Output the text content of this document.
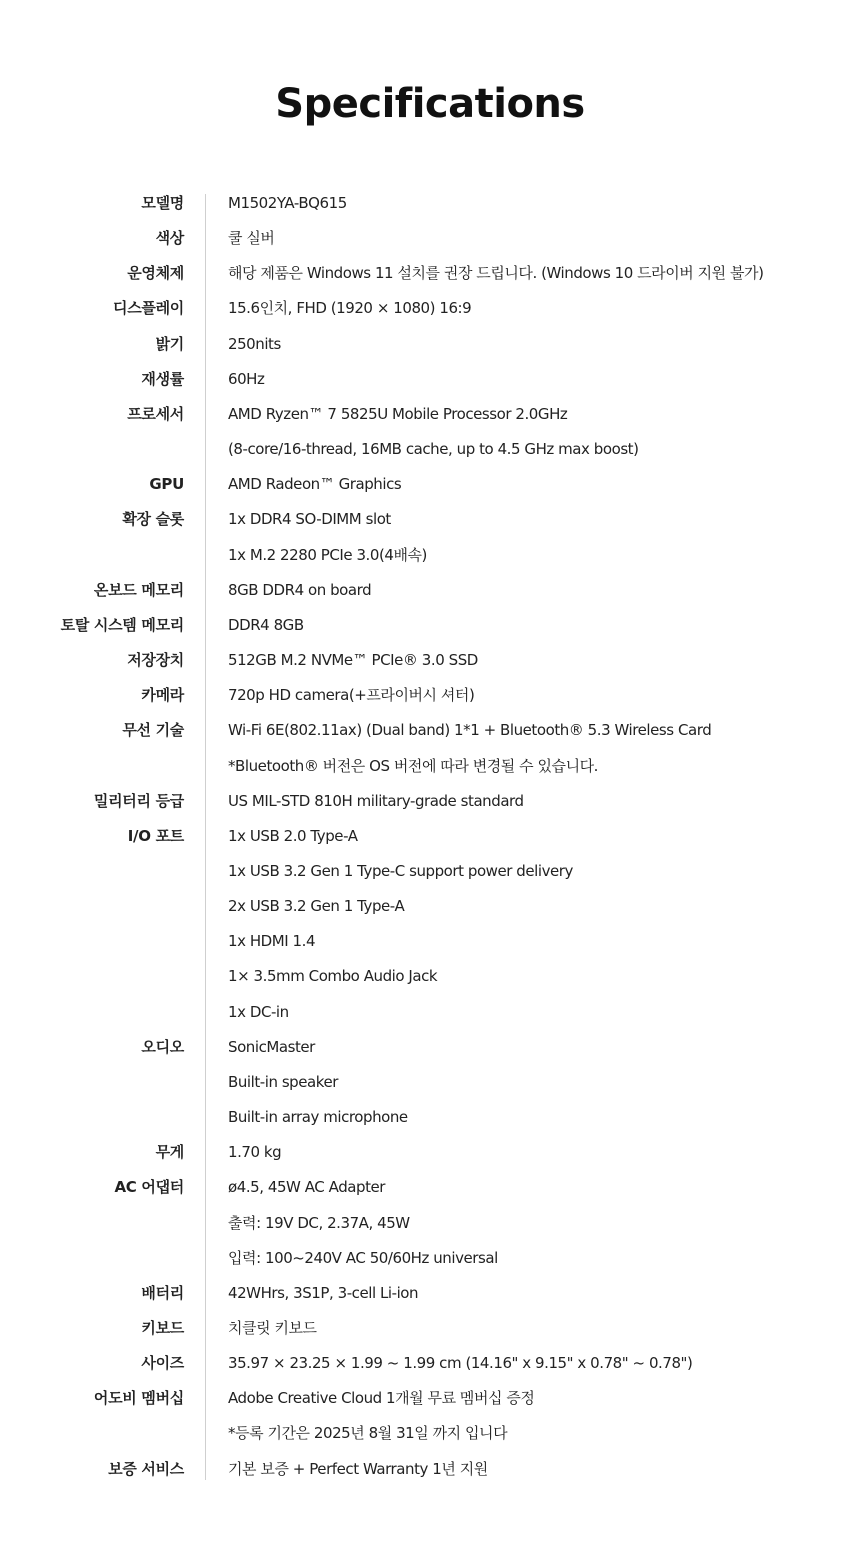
Specifications
모델명	M1502YA-BQ615
색상	쿨 실버
운영체제	해당 제품은 Windows 11 설치를 권장 드립니다. (Windows 10 드라이버 지원 불가)
디스플레이	15.6인치, FHD (1920 × 1080) 16:9
밝기	250nits
재생률	60Hz
프로세서	AMD Ryzen™ 7 5825U Mobile Processor 2.0GHz
(8-core/16-thread, 16MB cache, up to 4.5 GHz max boost)
GPU	AMD Radeon™ Graphics
확장 슬롯	1x DDR4 SO-DIMM slot
1x M.2 2280 PCIe 3.0(4배속)
온보드 메모리	8GB DDR4 on board
토탈 시스템 메모리	DDR4 8GB
저장장치	512GB M.2 NVMe™ PCIe® 3.0 SSD
카메라	720p HD camera(+프라이버시 셔터)
무선 기술	Wi-Fi 6E(802.11ax) (Dual band) 1*1 + Bluetooth® 5.3 Wireless Card
*Bluetooth® 버전은 OS 버전에 따라 변경될 수 있습니다.
밀리터리 등급	US MIL-STD 810H military-grade standard
I/O 포트	1x USB 2.0 Type-A
1x USB 3.2 Gen 1 Type-C support power delivery
2x USB 3.2 Gen 1 Type-A
1x HDMI 1.4
1× 3.5mm Combo Audio Jack
1x DC-in
오디오	SonicMaster
Built-in speaker
Built-in array microphone
무게	1.70 kg
AC 어댑터	ø4.5, 45W AC Adapter
출력: 19V DC, 2.37A, 45W
입력: 100~240V AC 50/60Hz universal
배터리	42WHrs, 3S1P, 3-cell Li-ion
키보드	치클릿 키보드
사이즈	35.97 × 23.25 × 1.99 ~ 1.99 cm (14.16" x 9.15" x 0.78" ~ 0.78")
어도비 멤버십	Adobe Creative Cloud 1개월 무료 멤버십 증정
*등록 기간은 2025년 8월 31일 까지 입니다
보증 서비스	기본 보증 + Perfect Warranty 1년 지원
